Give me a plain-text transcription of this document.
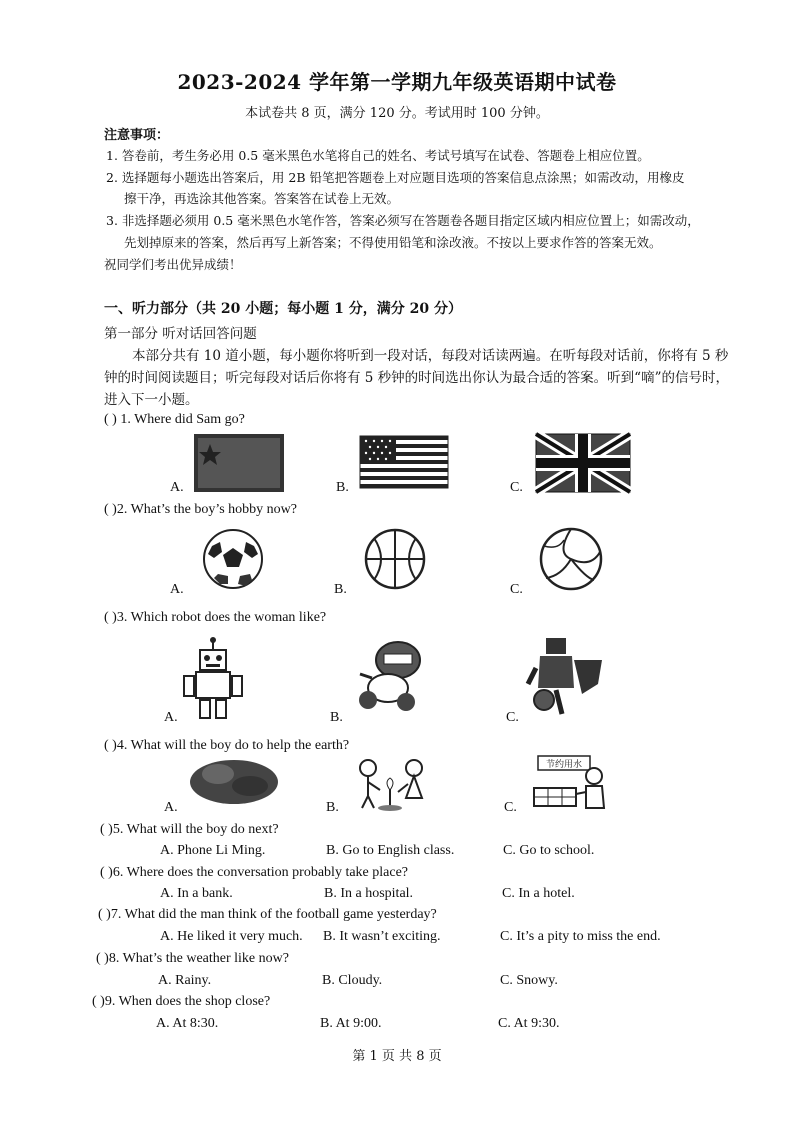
2023-2024 学年第一学期九年级英语期中试卷
本试卷共 8 页，满分 120 分。考试用时 100 分钟。
注意事项：
1. 答卷前，考生务必用 0.5 毫米黑色水笔将自己的姓名、考试号填写在试卷、答题卷上相应位置。
2. 选择题每小题选出答案后，用 2B 铅笔把答题卷上对应题目选项的答案信息点涂黑；如需改动，用橡皮
擦干净，再选涂其他答案。答案答在试卷上无效。
3. 非选择题必须用 0.5 毫米黑色水笔作答，答案必须写在答题卷各题目指定区域内相应位置上；如需改动，
先划掉原来的答案，然后再写上新答案；不得使用铅笔和涂改液。不按以上要求作答的答案无效。
祝同学们考出优异成绩！
一、听力部分（共 20 小题；每小题 1 分，满分 20 分）
第一部分 听对话回答问题
本部分共有 10 道小题，每小题你将听到一段对话，每段对话读两遍。在听每段对话前，你将有 5 秒
钟的时间阅读题目；听完每段对话后你将有 5 秒钟的时间选出你认为最合适的答案。听到“嘀”的信号时，
进入下一小题。
( ) 1. Where did Sam go?
A.	B.	C.
( )2. What’s the boy’s hobby now?
A.	B.	C.
( )3. Which robot does the woman like?
A.	B.	C.
( )4. What will the boy do to help the earth?
A.	B.
节约用水
C.
( )5. What will the boy do next?
A. Phone Li Ming.	B. Go to English class.	C. Go to school.
( )6. Where does the conversation probably take place?
A. In a bank.	B. In a hospital.	C. In a hotel.
( )7. What did the man think of the football game yesterday?
A. He liked it very much. B. It wasn’t exciting.	C. It’s a pity to miss the end.
( )8. What’s the weather like now?
A. Rainy.	B. Cloudy.	C. Snowy.
( )9. When does the shop close?
A. At 8:30.	B. At 9:00.	C. At 9:30.
第 1 页 共 8 页
